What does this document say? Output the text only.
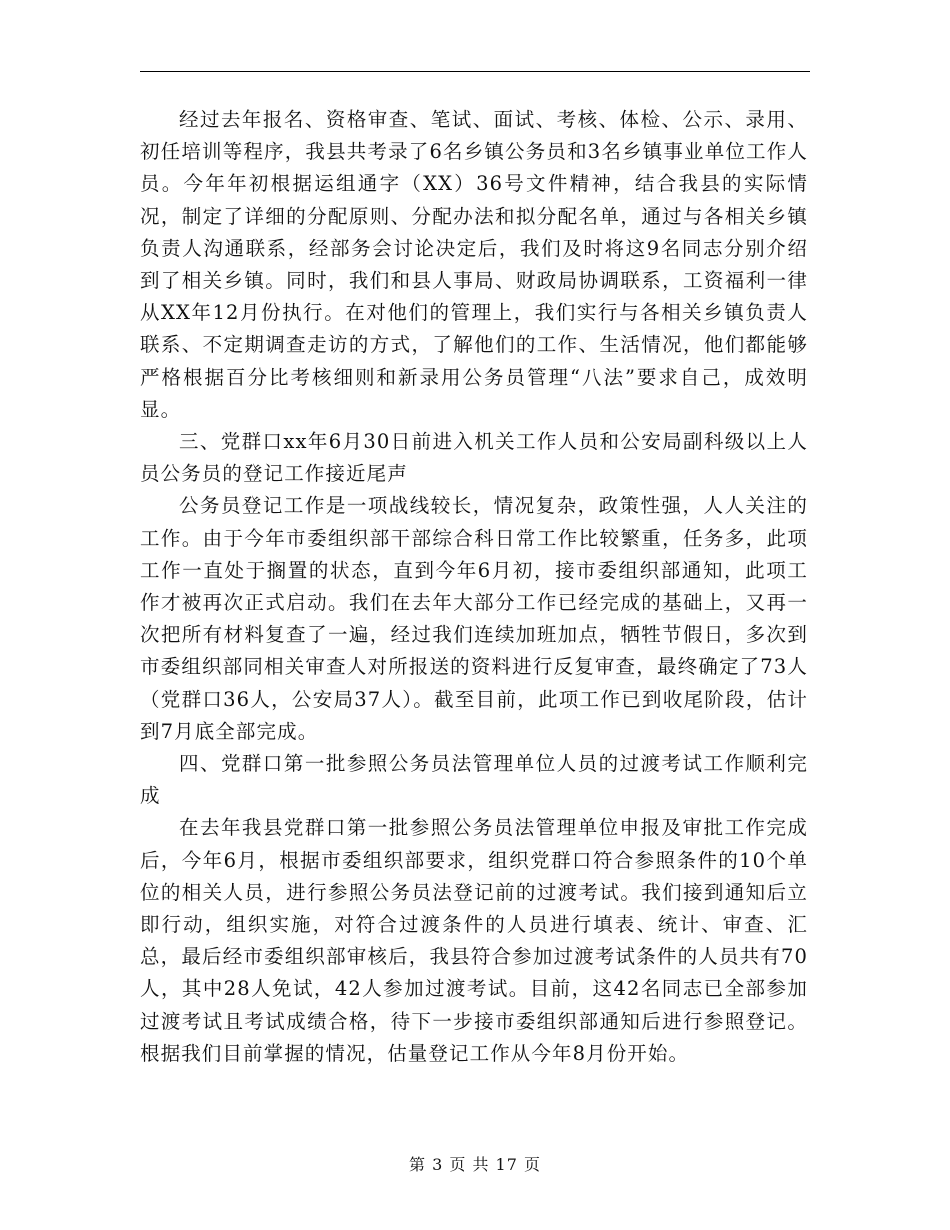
经过去年报名、资格审查、笔试、面试、考核、体检、公示、录用、初任培训等程序，我县共考录了6名乡镇公务员和3名乡镇事业单位工作人员。今年年初根据运组通字（XX）36号文件精神，结合我县的实际情况，制定了详细的分配原则、分配办法和拟分配名单，通过与各相关乡镇负责人沟通联系，经部务会讨论决定后，我们及时将这9名同志分别介绍到了相关乡镇。同时，我们和县人事局、财政局协调联系，工资福利一律从XX年12月份执行。在对他们的管理上，我们实行与各相关乡镇负责人联系、不定期调查走访的方式，了解他们的工作、生活情况，他们都能够严格根据百分比考核细则和新录用公务员管理“八法”要求自己，成效明显。

三、党群口xx年6月30日前进入机关工作人员和公安局副科级以上人员公务员的登记工作接近尾声

公务员登记工作是一项战线较长，情况复杂，政策性强，人人关注的工作。由于今年市委组织部干部综合科日常工作比较繁重，任务多，此项工作一直处于搁置的状态，直到今年6月初，接市委组织部通知，此项工作才被再次正式启动。我们在去年大部分工作已经完成的基础上，又再一次把所有材料复查了一遍，经过我们连续加班加点，牺牲节假日，多次到市委组织部同相关审查人对所报送的资料进行反复审查，最终确定了73人（党群口36人，公安局37人）。截至目前，此项工作已到收尾阶段，估计到7月底全部完成。

四、党群口第一批参照公务员法管理单位人员的过渡考试工作顺利完成

在去年我县党群口第一批参照公务员法管理单位申报及审批工作完成后，今年6月，根据市委组织部要求，组织党群口符合参照条件的10个单位的相关人员，进行参照公务员法登记前的过渡考试。我们接到通知后立即行动，组织实施，对符合过渡条件的人员进行填表、统计、审查、汇总，最后经市委组织部审核后，我县符合参加过渡考试条件的人员共有70人，其中28人免试，42人参加过渡考试。目前，这42名同志已全部参加过渡考试且考试成绩合格，待下一步接市委组织部通知后进行参照登记。根据我们目前掌握的情况，估量登记工作从今年8月份开始。

第 3 页 共 17 页
